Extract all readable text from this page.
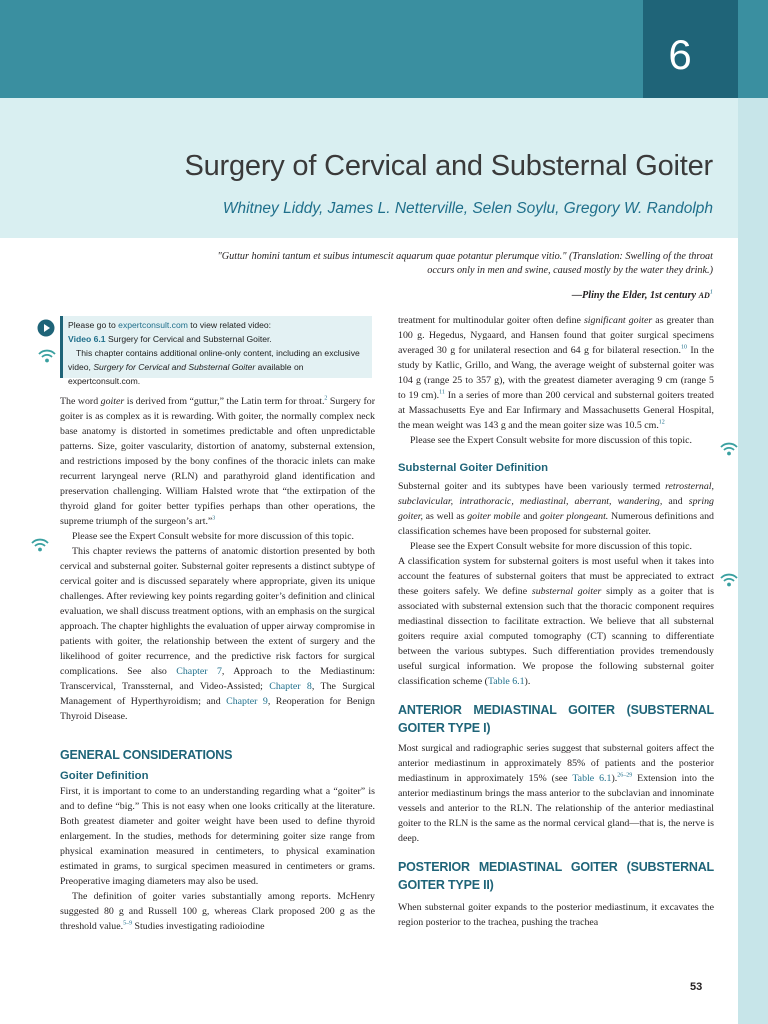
6
Surgery of Cervical and Substernal Goiter
Whitney Liddy, James L. Netterville, Selen Soylu, Gregory W. Randolph
"Guttur homini tantum et suibus intumescit aquarum quae potantur plerumque vitio." (Translation: Swelling of the throat occurs only in men and swine, caused mostly by the water they drink.)
—Pliny the Elder, 1st century $AD^1$
Please go to expertconsult.com to view related video:
Video 6.1 Surgery for Cervical and Substernal Goiter.
This chapter contains additional online-only content, including an exclusive
video, Surgery for Cervical and Substernal Goiter available on expertconsult.com.

The word goiter is derived from “guttur,” the Latin term for throat.$^2$ Surgery for goiter is as complex as it is rewarding. With goiter, the normally complex neck base anatomy is distorted in sometimes predictable and often unpredictable patterns. Size, goiter vascularity, distortion of anatomy, substernal extension, and restrictions imposed by the bony confines of the thoracic inlets can make recurrent laryngeal nerve (RLN) and parathyroid gland identification and preservation challenging. William Halsted wrote that “the extirpation of the thyroid gland for goiter better typifies perhaps than other operations, the supreme triumph of the surgeon’s art.”$^3$

Please see the Expert Consult website for more discussion of this topic.

This chapter reviews the patterns of anatomic distortion presented by both cervical and substernal goiter. Substernal goiter represents a distinct subtype of cervical goiter and is discussed separately where appropriate, given its unique challenges. After reviewing key points regarding goiter’s definition and clinical evaluation, we shall discuss treatment options, with an emphasis on the surgical approach. The chapter highlights the evaluation of upper airway compromise in patients with goiter, the relationship between the extent of surgery and the likelihood of goiter recurrence, and the predictive risk factors for surgical complications. See also Chapter 7, Approach to the Mediastinum: Transcervical, Transsternal, and Video-Assisted; Chapter 8, The Surgical Management of Hyperthyroidism; and Chapter 9, Reoperation for Benign Thyroid Disease.

GENERAL CONSIDERATIONS
Goiter Definition

First, it is important to come to an understanding regarding what a “goiter” is and to define “big.” This is not easy when one looks critically at the literature. Both greatest diameter and goiter weight have been used to define thyroid enlargement. In the studies, methods for determining goiter size range from physical examination measured in centimeters, to physical examination estimated in grams, to surgical specimen measured in centimeters or grams. Preoperative imaging diameters may also be used.

The definition of goiter varies substantially among reports. McHenry suggested 80 g and Russell 100 g, whereas Clark proposed 200 g as the threshold value.$^{5-9}$ Studies investigating radioiodine

treatment for multinodular goiter often define significant goiter as greater than 100 g. Hegedus, Nygaard, and Hansen found that goiter surgical specimens averaged 30 g for unilateral resection and 64 g for bilateral resection.$^{10}$ In the study by Katlic, Grillo, and Wang, the average weight of substernal goiter was 104 g (range 25 to 357 g), with the greatest diameter averaging 9 cm (range 5 to 19 cm).$^{11}$ In a series of more than 200 cervical and substernal goiters treated at Massachusetts Eye and Ear Infirmary and Massachusetts General Hospital, the mean weight was 143 g and the mean goiter size was 10.5 cm.$^{12}$

Please see the Expert Consult website for more discussion of this topic.

Substernal Goiter Definition

Substernal goiter and its subtypes have been variously termed retrosternal, subclavicular, intrathoracic, mediastinal, aberrant, wandering, and spring goiter, as well as goiter mobile and goiter plongeant. Numerous definitions and classification schemes have been proposed for substernal goiter.

Please see the Expert Consult website for more discussion of this topic.

A classification system for substernal goiters is most useful when it takes into account the features of substernal goiters that must be appreciated to extract these goiters safely. We define substernal goiter simply as a goiter that is associated with substernal extension such that the thoracic component requires mediastinal dissection to facilitate extraction. We believe that all substernal goiters require axial computed tomography (CT) scanning to differentiate between the various subtypes. Such differentiation provides tremendously useful surgical information. We propose the following substernal goiter classification scheme (Table 6.1).

ANTERIOR MEDIASTINAL GOITER (SUBSTERNAL GOITER TYPE I)

Most surgical and radiographic series suggest that substernal goiters affect the anterior mediastinum in approximately 85% of patients and the posterior mediastinum in approximately 15% (see Table 6.1).$^{26-29}$ Extension into the anterior mediastinum brings the mass anterior to the subclavian and innominate vessels and anterior to the RLN. The relationship of the anterior mediastinal goiter to the RLN is the same as the normal cervical gland—that is, the nerve is deep.

POSTERIOR MEDIASTINAL GOITER (SUBSTERNAL GOITER TYPE II)

When substernal goiter expands to the posterior mediastinum, it excavates the region posterior to the trachea, pushing the trachea

53
